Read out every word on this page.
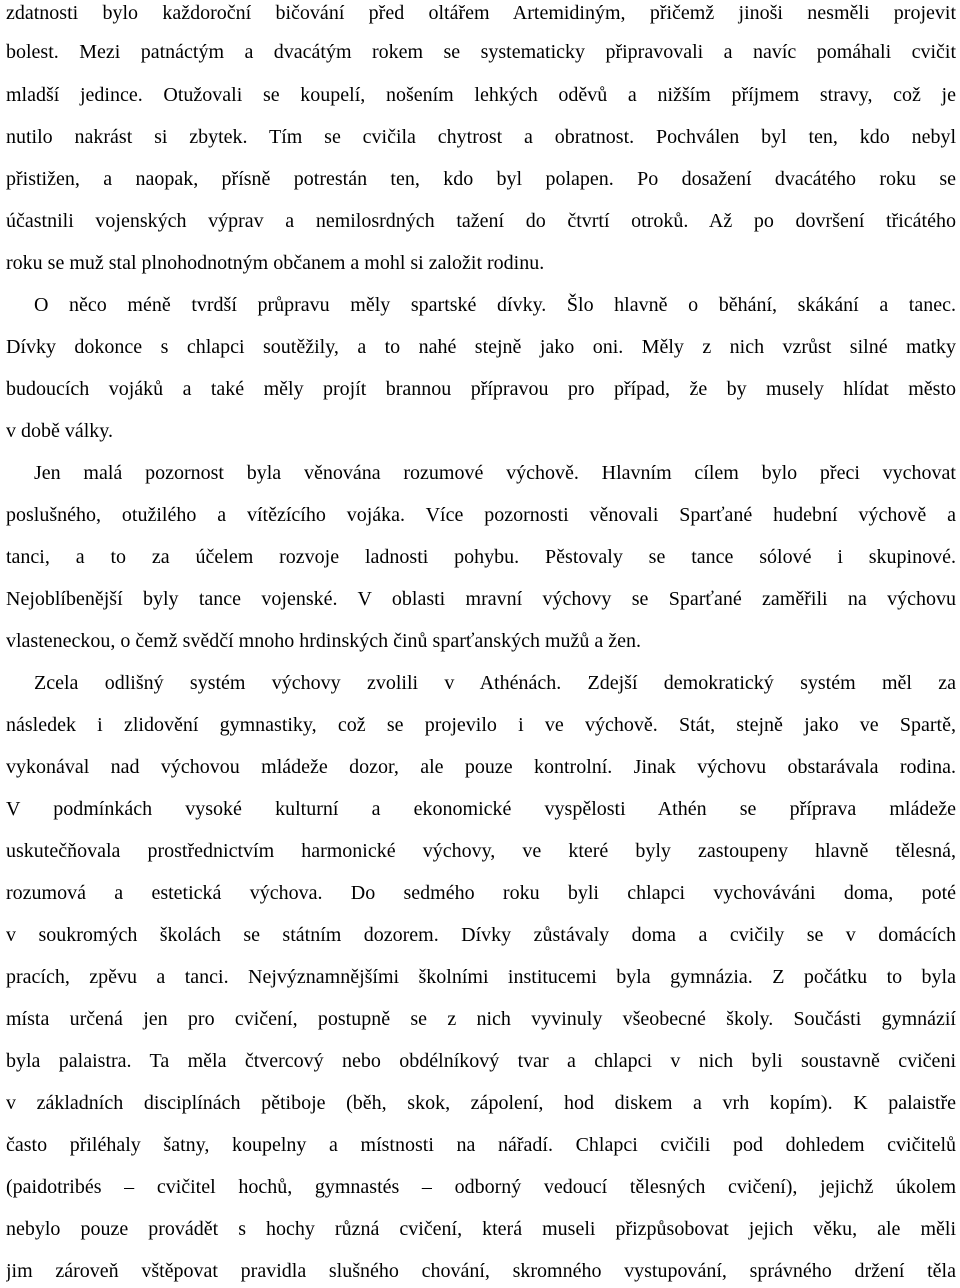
zdatnosti bylo každoroční bičování před oltářem Artemidiným, přičemž jinoši nesměli projevit
bolest. Mezi patnáctým a dvacátým rokem se systematicky připravovali a navíc pomáhali cvičit
mladší jedince. Otužovali se koupelí, nošením lehkých oděvů a nižším příjmem stravy, což je
nutilo nakrást si zbytek. Tím se cvičila chytrost a obratnost. Pochválen byl ten, kdo nebyl
přistižen, a naopak, přísně potrestán ten, kdo byl polapen. Po dosažení dvacátého roku se
účastnili vojenských výprav a nemilosrdných tažení do čtvrtí otroků. Až po dovršení třicátého
roku se muž stal plnohodnotným občanem a mohl si založit rodinu.
O něco méně tvrdší průpravu měly spartské dívky. Šlo hlavně o běhání, skákání a tanec.
Dívky dokonce s chlapci soutěžily, a to nahé stejně jako oni. Měly z nich vzrůst silné matky
budoucích vojáků a také měly projít brannou přípravou pro případ, že by musely hlídat město
v době války.
Jen malá pozornost byla věnována rozumové výchově. Hlavním cílem bylo přeci vychovat
poslušného, otužilého a vítězícího vojáka. Více pozornosti věnovali Sparťané hudební výchově a
tanci, a to za účelem rozvoje ladnosti pohybu. Pěstovaly se tance sólové i skupinové.
Nejoblíbenější byly tance vojenské. V oblasti mravní výchovy se Sparťané zaměřili na výchovu
vlasteneckou, o čemž svědčí mnoho hrdinských činů sparťanských mužů a žen.
Zcela odlišný systém výchovy zvolili v Athénách. Zdejší demokratický systém měl za
následek i zlidovění gymnastiky, což se projevilo i ve výchově. Stát, stejně jako ve Spartě,
vykonával nad výchovou mládeže dozor, ale pouze kontrolní. Jinak výchovu obstarávala rodina.
V podmínkách vysoké kulturní a ekonomické vyspělosti Athén se příprava mládeže
uskutečňovala prostřednictvím harmonické výchovy, ve které byly zastoupeny hlavně tělesná,
rozumová a estetická výchova. Do sedmého roku byli chlapci vychováváni doma, poté
v soukromých školách se státním dozorem. Dívky zůstávaly doma a cvičily se v domácích
pracích, zpěvu a tanci. Nejvýznamnějšími školními institucemi byla gymnázia. Z počátku to byla
místa určená jen pro cvičení, postupně se z nich vyvinuly všeobecné školy. Součásti gymnázií
byla palaistra. Ta měla čtvercový nebo obdélníkový tvar a chlapci v nich byli soustavně cvičeni
v základních disciplínách pětiboje (běh, skok, zápolení, hod diskem a vrh kopím). K palaistře
často přiléhaly šatny, koupelny a místnosti na nářadí. Chlapci cvičili pod dohledem cvičitelů
(paidotribés – cvičitel hochů, gymnastés – odborný vedoucí tělesných cvičení), jejichž úkolem
nebylo pouze provádět s hochy různá cvičení, která museli přizpůsobovat jejich věku, ale měli
jim zároveň vštěpovat pravidla slušného chování, skromného vystupování, správného držení těla
